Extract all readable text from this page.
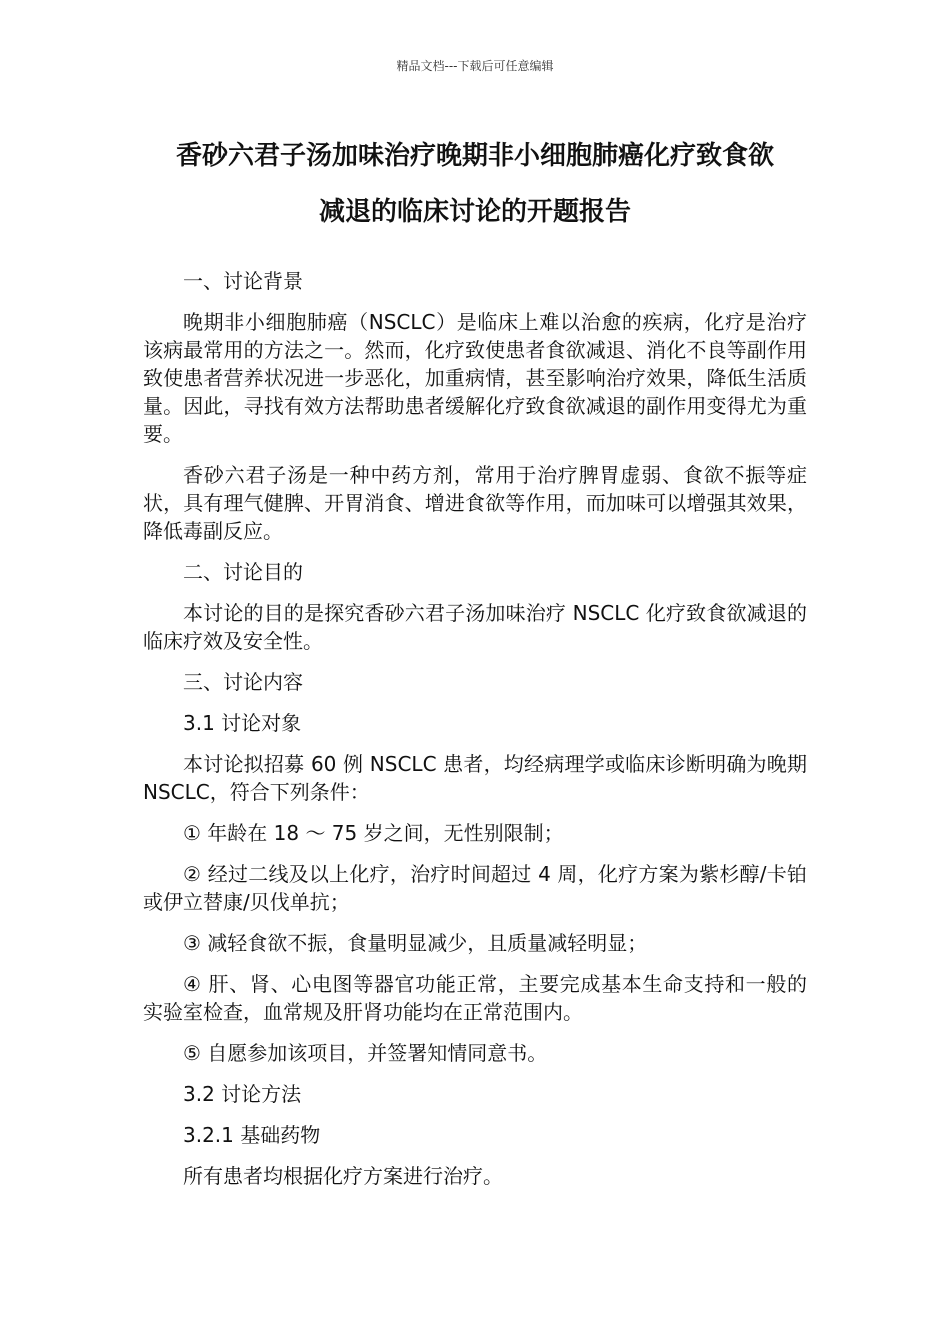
精品文档---下载后可任意编辑
香砂六君子汤加味治疗晚期非小细胞肺癌化疗致食欲
减退的临床讨论的开题报告

一、讨论背景

晚期非小细胞肺癌（NSCLC）是临床上难以治愈的疾病，化疗是治疗该病最常用的方法之一。然而，化疗致使患者食欲减退、消化不良等副作用致使患者营养状况进一步恶化，加重病情，甚至影响治疗效果，降低生活质量。因此，寻找有效方法帮助患者缓解化疗致食欲减退的副作用变得尤为重要。

香砂六君子汤是一种中药方剂，常用于治疗脾胃虚弱、食欲不振等症状，具有理气健脾、开胃消食、增进食欲等作用，而加味可以增强其效果，降低毒副反应。

二、讨论目的

本讨论的目的是探究香砂六君子汤加味治疗 NSCLC 化疗致食欲减退的临床疗效及安全性。

三、讨论内容

3.1 讨论对象

本讨论拟招募 60 例 NSCLC 患者，均经病理学或临床诊断明确为晚期 NSCLC，符合下列条件：

① 年龄在 18 ～ 75 岁之间，无性别限制；

② 经过二线及以上化疗，治疗时间超过 4 周，化疗方案为紫杉醇/卡铂或伊立替康/贝伐单抗；

③ 减轻食欲不振，食量明显减少，且质量减轻明显；

④ 肝、肾、心电图等器官功能正常，主要完成基本生命支持和一般的实验室检查，血常规及肝肾功能均在正常范围内。

⑤ 自愿参加该项目，并签署知情同意书。

3.2 讨论方法

3.2.1 基础药物

所有患者均根据化疗方案进行治疗。
